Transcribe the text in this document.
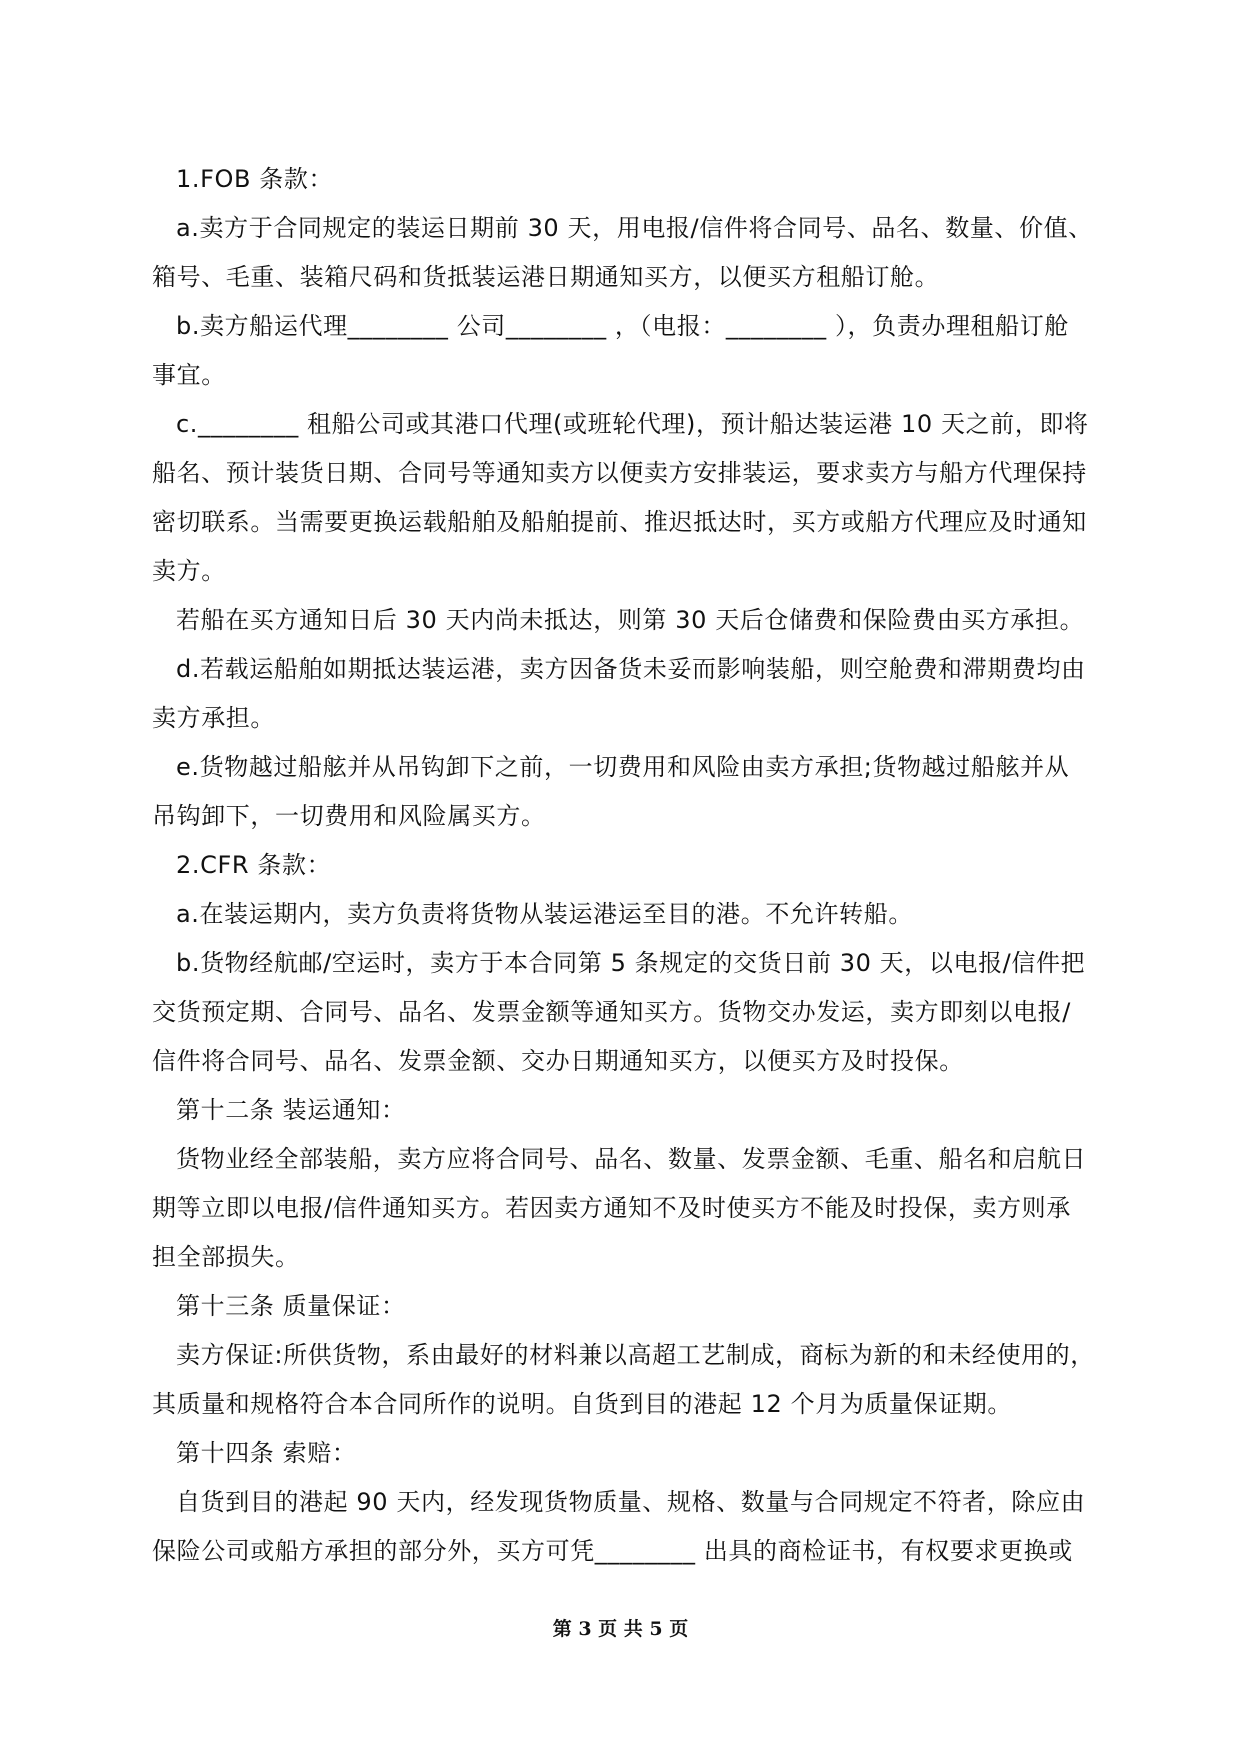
1.FOB 条款：
a.卖方于合同规定的装运日期前 30 天，用电报/信件将合同号、品名、数量、价值、
箱号、毛重、装箱尺码和货抵装运港日期通知买方，以便买方租船订舱。
b.卖方船运代理________ 公司________ ，（电报：________ ），负责办理租船订舱
事宜。
c.________ 租船公司或其港口代理(或班轮代理)，预计船达装运港 10 天之前，即将
船名、预计装货日期、合同号等通知卖方以便卖方安排装运，要求卖方与船方代理保持
密切联系。当需要更换运载船舶及船舶提前、推迟抵达时，买方或船方代理应及时通知
卖方。
若船在买方通知日后 30 天内尚未抵达，则第 30 天后仓储费和保险费由买方承担。
d.若载运船舶如期抵达装运港，卖方因备货未妥而影响装船，则空舱费和滞期费均由
卖方承担。
e.货物越过船舷并从吊钩卸下之前，一切费用和风险由卖方承担;货物越过船舷并从
吊钩卸下，一切费用和风险属买方。
2.CFR 条款：
a.在装运期内，卖方负责将货物从装运港运至目的港。不允许转船。
b.货物经航邮/空运时，卖方于本合同第 5 条规定的交货日前 30 天，以电报/信件把
交货预定期、合同号、品名、发票金额等通知买方。货物交办发运，卖方即刻以电报/
信件将合同号、品名、发票金额、交办日期通知买方，以便买方及时投保。
第十二条 装运通知：
货物业经全部装船，卖方应将合同号、品名、数量、发票金额、毛重、船名和启航日
期等立即以电报/信件通知买方。若因卖方通知不及时使买方不能及时投保，卖方则承
担全部损失。
第十三条 质量保证：
卖方保证:所供货物，系由最好的材料兼以高超工艺制成，商标为新的和未经使用的，
其质量和规格符合本合同所作的说明。自货到目的港起 12 个月为质量保证期。
第十四条 索赔：
自货到目的港起 90 天内，经发现货物质量、规格、数量与合同规定不符者，除应由
保险公司或船方承担的部分外，买方可凭________ 出具的商检证书，有权要求更换或
第 3 页 共 5 页
